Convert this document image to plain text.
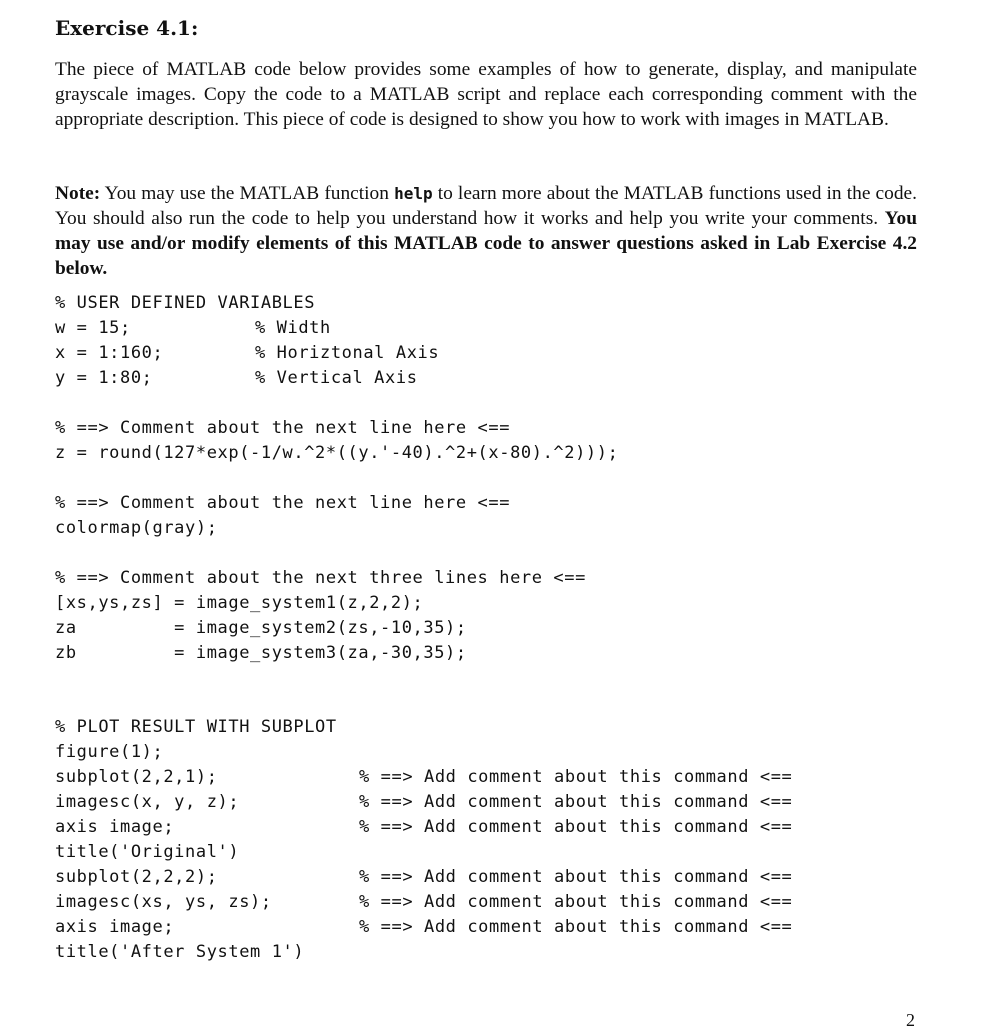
Exercise 4.1:

The piece of MATLAB code below provides some examples of how to generate, display, and manipulate grayscale images. Copy the code to a MATLAB script and replace each corresponding comment with the appropriate description. This piece of code is designed to show you how to work with images in MATLAB.

Note: You may use the MATLAB function help to learn more about the MATLAB functions used in the code. You should also run the code to help you understand how it works and help you write your comments. You may use and/or modify elements of this MATLAB code to answer questions asked in Lab Exercise 4.2 below.

% USER DEFINED VARIABLES
w = 15;	% Width
x = 1:160;	% Horiztonal Axis
y = 1:80;	% Vertical Axis
% ==> Comment about the next line here <==
z = round(127*exp(-1/w.^2*((y.'-40).^2+(x-80).^2)));
% ==> Comment about the next line here <==
colormap(gray);
% ==> Comment about the next three lines here <==
[xs,ys,zs] = image_system1(z,2,2);
za         = image_system2(zs,-10,35);
zb         = image_system3(za,-30,35);
% PLOT RESULT WITH SUBPLOT
figure(1);
subplot(2,2,1);	% ==> Add comment about this command <==
imagesc(x, y, z);	% ==> Add comment about this command <==
axis image;	% ==> Add comment about this command <==
title('Original')
subplot(2,2,2);	% ==> Add comment about this command <==
imagesc(xs, ys, zs);	% ==> Add comment about this command <==
axis image;	% ==> Add comment about this command <==
title('After System 1')
2
